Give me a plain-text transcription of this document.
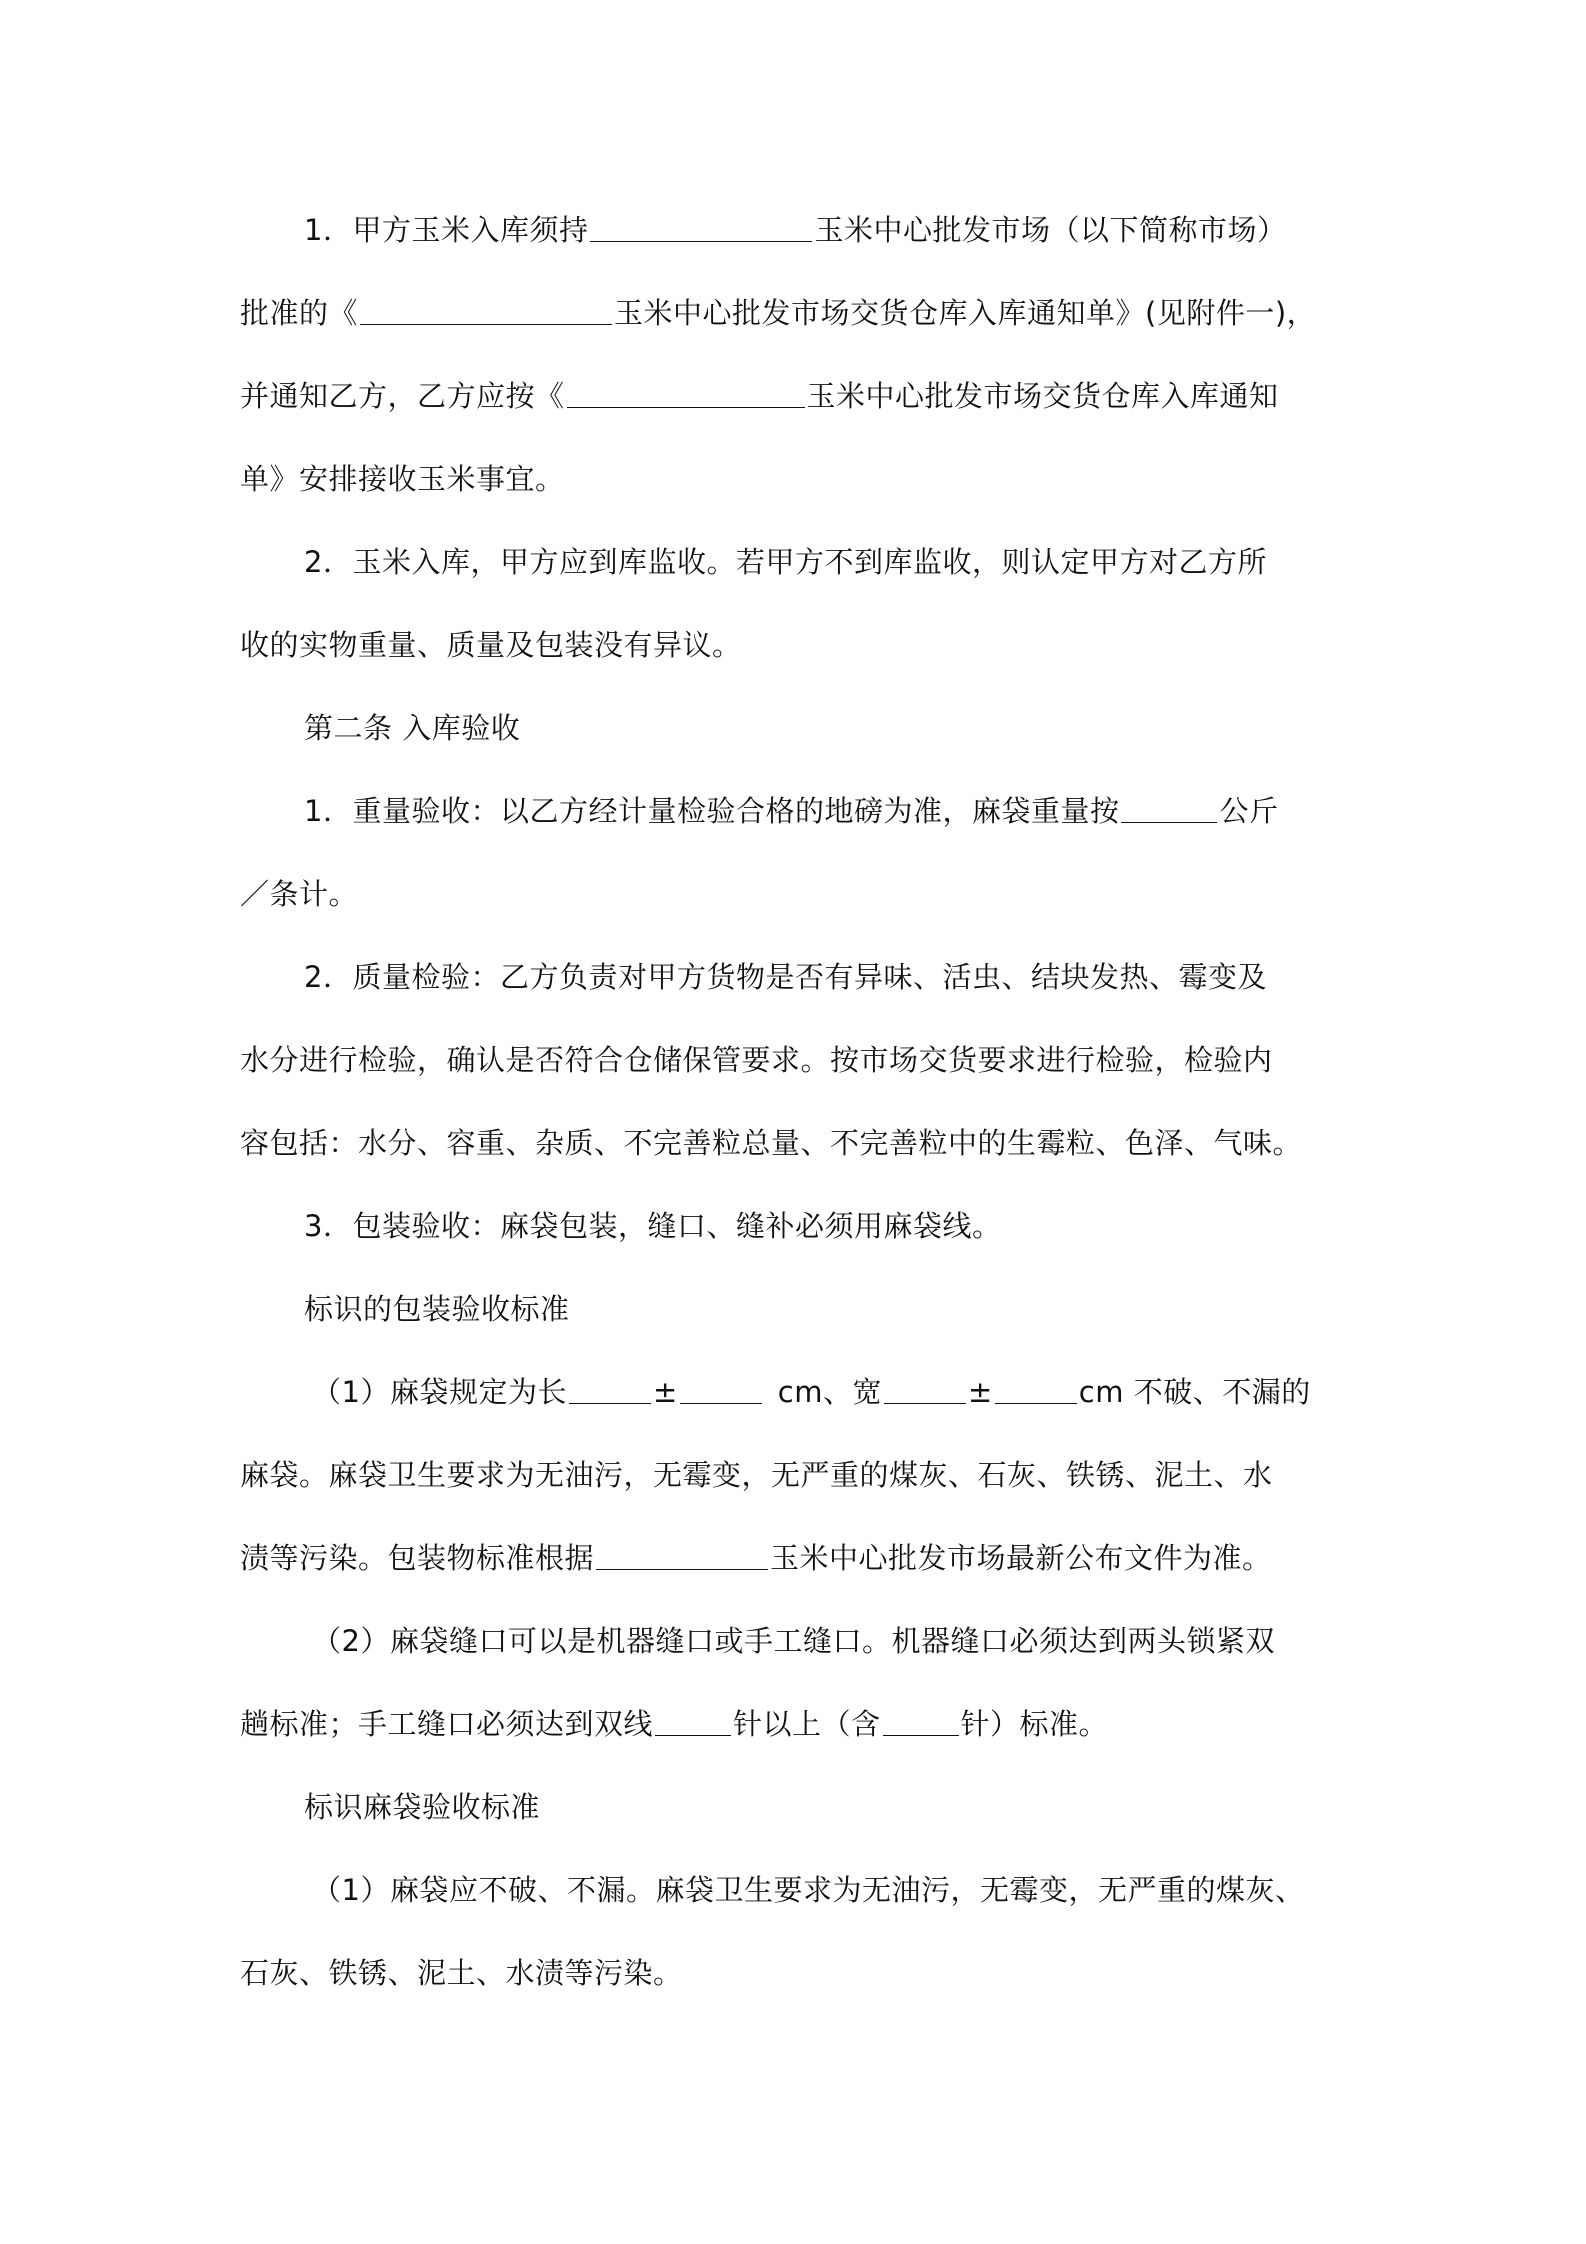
1．甲方玉米入库须持	玉米中心批发市场（以下简称市场）
批准的《	玉米中心批发市场交货仓库入库通知单》(见附件一)，
并通知乙方，乙方应按《	玉米中心批发市场交货仓库入库通知
单》安排接收玉米事宜。
2．玉米入库，甲方应到库监收。若甲方不到库监收，则认定甲方对乙方所
收的实物重量、质量及包装没有异议。
第二条 入库验收
1．重量验收：以乙方经计量检验合格的地磅为准，麻袋重量按	公斤
／条计。
2．质量检验：乙方负责对甲方货物是否有异味、活虫、结块发热、霉变及
水分进行检验，确认是否符合仓储保管要求。按市场交货要求进行检验，检验内
容包括：水分、容重、杂质、不完善粒总量、不完善粒中的生霉粒、色泽、气味。
3．包装验收：麻袋包装，缝口、缝补必须用麻袋线。
标识的包装验收标准
（1）麻袋规定为长	±	cm、宽	±	cm 不破、不漏的
麻袋。麻袋卫生要求为无油污，无霉变，无严重的煤灰、石灰、铁锈、泥土、水
渍等污染。包装物标准根据	玉米中心批发市场最新公布文件为准。
（2）麻袋缝口可以是机器缝口或手工缝口。机器缝口必须达到两头锁紧双
趟标准；手工缝口必须达到双线	针以上（含	针）标准。
标识麻袋验收标准
（1）麻袋应不破、不漏。麻袋卫生要求为无油污，无霉变，无严重的煤灰、
石灰、铁锈、泥土、水渍等污染。
